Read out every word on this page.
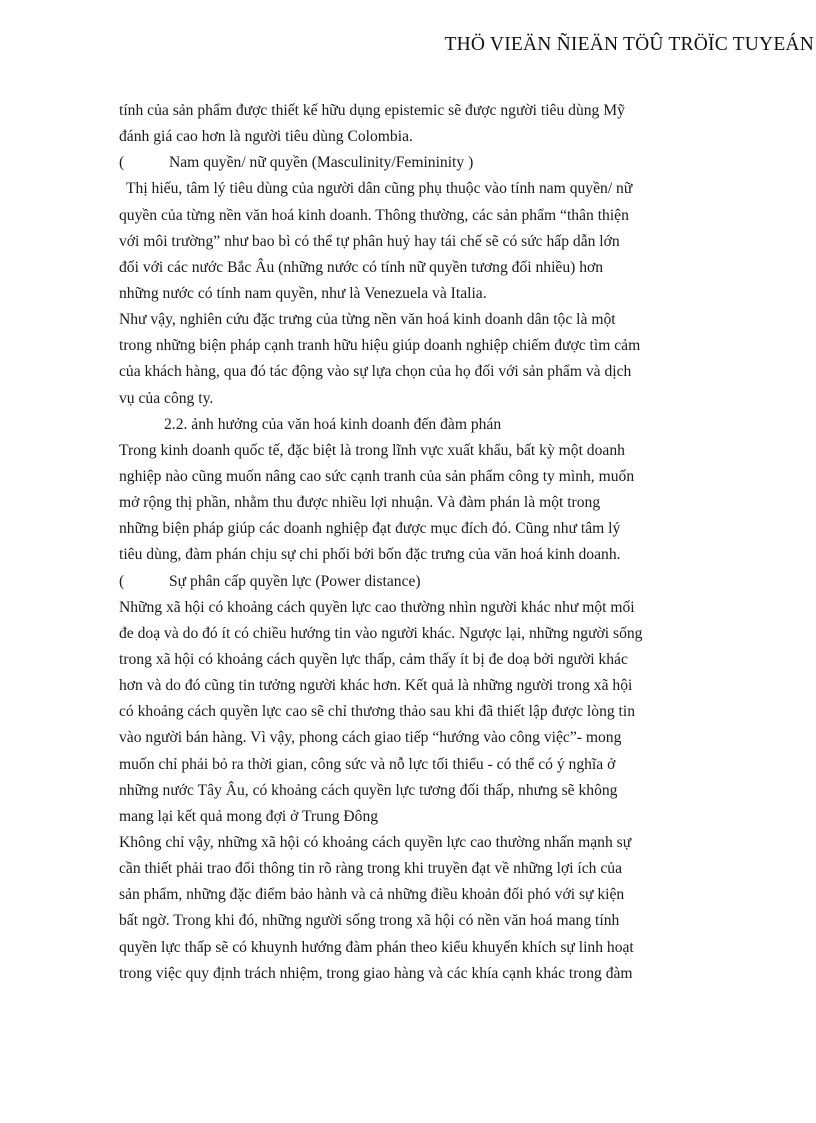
THÖ VIEÄN ÑIEÄN TÖÛ TRÖÏC TUYEÁN
tính của sản phẩm được thiết kế hữu dụng epistemic sẽ được người tiêu dùng Mỹ
đánh giá cao hơn là người tiêu dùng Colombia.
(	Nam quyền/ nữ quyền (Masculinity/Femininity )
Thị hiếu, tâm lý tiêu dùng của người dân cũng phụ thuộc vào tính nam quyền/ nữ
quyền của từng nền văn hoá kinh doanh. Thông thường, các sản phẩm “thân thiện
với môi trường” như bao bì có thể tự phân huỷ hay tái chế sẽ có sức hấp dẫn lớn
đối với các nước Bắc Âu (những nước có tính nữ quyền tương đối nhiều) hơn
những nước có tính nam quyền, như là Venezuela và Italia.
Như vậy, nghiên cứu đặc trưng của từng nền văn hoá kinh doanh dân tộc là một
trong những biện pháp cạnh tranh hữu hiệu giúp doanh nghiệp chiếm được tìm cảm
của khách hàng, qua đó tác động vào sự lựa chọn của họ đối với sản phẩm và dịch
vụ của công ty.
2.2. ảnh hưởng của văn hoá kinh doanh đến đàm phán
Trong kinh doanh quốc tế, đặc biệt là trong lĩnh vực xuất khẩu, bất kỳ một doanh
nghiệp nào cũng muốn nâng cao sức cạnh tranh của sản phẩm công ty mình, muốn
mở rộng thị phần, nhằm thu được nhiều lợi nhuận. Và đàm phán là một trong
những biện pháp giúp các doanh nghiệp đạt được mục đích đó. Cũng như tâm lý
tiêu dùng, đàm phán chịu sự chi phối bởi bốn đặc trưng của văn hoá kinh doanh.
(	Sự phân cấp quyền lực (Power distance)
Những xã hội có khoảng cách quyền lực cao thường nhìn người khác như một mối
đe doạ và do đó ít có chiều hướng tin vào người khác. Ngược lại, những người sống
trong xã hội có khoảng cách quyền lực thấp, cảm thấy ít bị đe doạ bởi người khác
hơn và do đó cũng tin tưởng người khác hơn. Kết quả là những người trong xã hội
có khoảng cách quyền lực cao sẽ chỉ thương thảo sau khi đã thiết lập được lòng tin
vào người bán hàng. Vì vậy, phong cách giao tiếp “hướng vào công việc”- mong
muốn chỉ phải bỏ ra thời gian, công sức và nỗ lực tối thiểu - có thể có ý nghĩa ở
những nước Tây Âu, có khoảng cách quyền lực tương đối thấp, nhưng sẽ không
mang lại kết quả mong đợi ở Trung Đông
Không chỉ vậy, những xã hội có khoảng cách quyền lực cao thường nhấn mạnh sự
cần thiết phải trao đổi thông tin rõ ràng trong khi truyền đạt về những lợi ích của
sản phẩm, những đặc điểm bảo hành và cả những điều khoản đối phó với sự kiện
bất ngờ. Trong khi đó, những người sống trong xã hội có nền văn hoá mang tính
quyền lực thấp sẽ có khuynh hướng đàm phán theo kiểu khuyến khích sự linh hoạt
trong việc quy định trách nhiệm, trong giao hàng và các khía cạnh khác trong đàm
